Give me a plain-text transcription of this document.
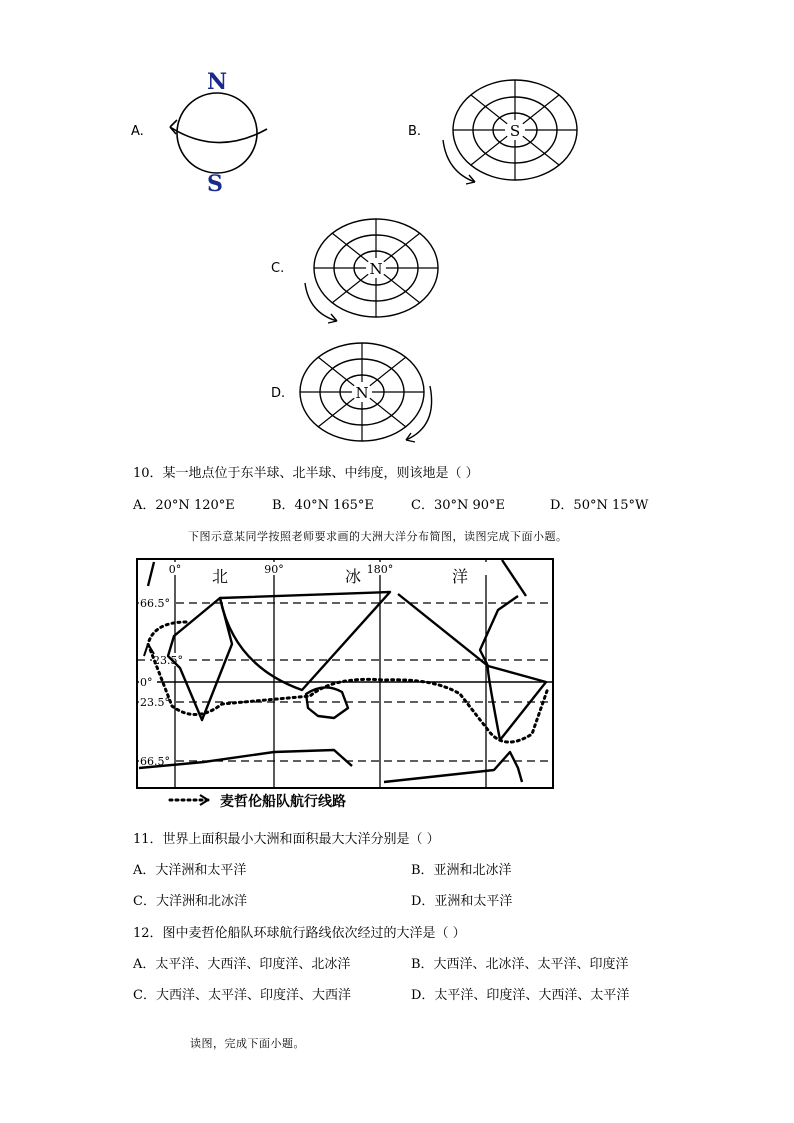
A.
N
S
B.	S
C.	N
D.	N
10．某一地点位于东半球、北半球、中纬度，则该地是（ ）
A．20°N 120°E	B．40°N 165°E	C．30°N 90°E	D．50°N 15°W
下图示意某同学按照老师要求画的大洲大洋分布简图，读图完成下面小题。
0°	90°	180°
北	冰	洋
66.5°
23.5°
0°
23.5°
66.5°
麦哲伦船队航行线路
11．世界上面积最小大洲和面积最大大洋分别是（ ）
A．大洋洲和太平洋	B．亚洲和北冰洋
C．大洋洲和北冰洋	D．亚洲和太平洋
12．图中麦哲伦船队环球航行路线依次经过的大洋是（ ）
A．太平洋、大西洋、印度洋、北冰洋	B．大西洋、北冰洋、太平洋、印度洋
C．大西洋、太平洋、印度洋、大西洋	D．太平洋、印度洋、大西洋、太平洋
读图，完成下面小题。
